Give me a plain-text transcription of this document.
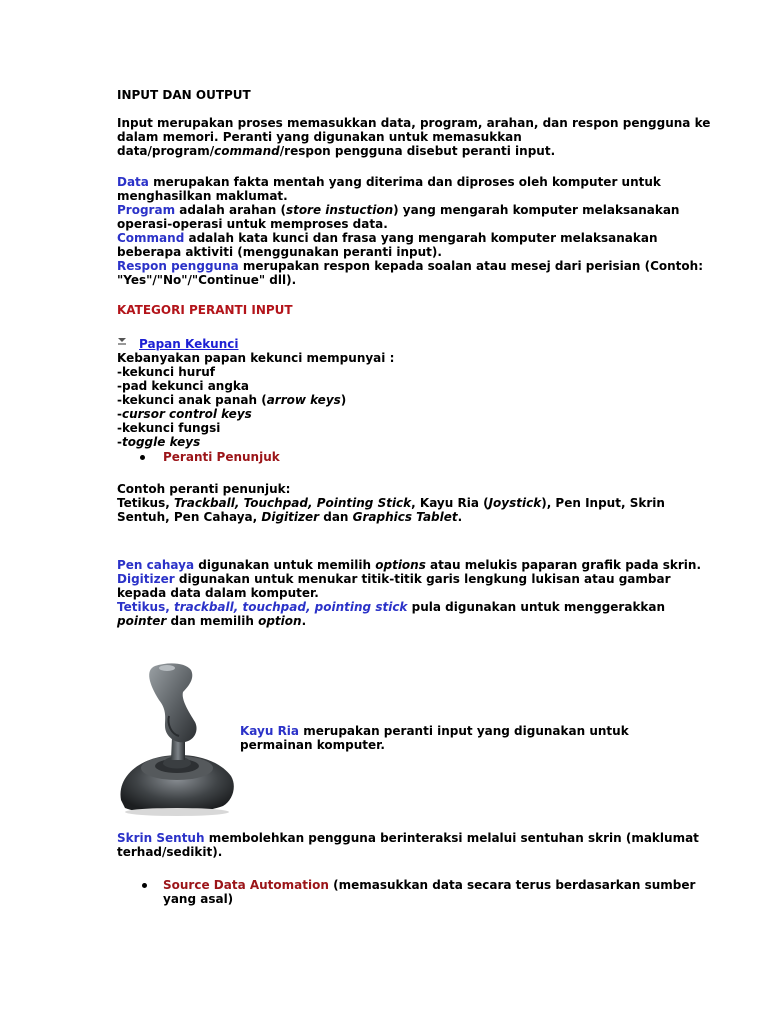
INPUT DAN OUTPUT
Input merupakan proses memasukkan data, program, arahan, dan respon pengguna ke
dalam memori. Peranti yang digunakan untuk memasukkan
data/program/command/respon pengguna disebut peranti input.
Data merupakan fakta mentah yang diterima dan diproses oleh komputer untuk
menghasilkan maklumat.
Program adalah arahan (store instuction) yang mengarah komputer melaksanakan
operasi-operasi untuk memproses data.
Command adalah kata kunci dan frasa yang mengarah komputer melaksanakan
beberapa aktiviti (menggunakan peranti input).
Respon pengguna merupakan respon kepada soalan atau mesej dari perisian (Contoh:
"Yes"/"No"/"Continue" dll).
KATEGORI PERANTI INPUT
Papan Kekunci
Kebanyakan papan kekunci mempunyai :
-kekunci huruf
-pad kekunci angka
-kekunci anak panah (arrow keys)
-cursor control keys
-kekunci fungsi
-toggle keys
Peranti Penunjuk
Contoh peranti penunjuk:
Tetikus, Trackball, Touchpad, Pointing Stick, Kayu Ria (Joystick), Pen Input, Skrin
Sentuh, Pen Cahaya, Digitizer dan Graphics Tablet.
Pen cahaya digunakan untuk memilih options atau melukis paparan grafik pada skrin.
Digitizer digunakan untuk menukar titik-titik garis lengkung lukisan atau gambar
kepada data dalam komputer.
Tetikus, trackball, touchpad, pointing stick pula digunakan untuk menggerakkan
pointer dan memilih option.
Kayu Ria merupakan peranti input yang digunakan untuk
permainan komputer.
Skrin Sentuh membolehkan pengguna berinteraksi melalui sentuhan skrin (maklumat
terhad/sedikit).
Source Data Automation (memasukkan data secara terus berdasarkan sumber
yang asal)
